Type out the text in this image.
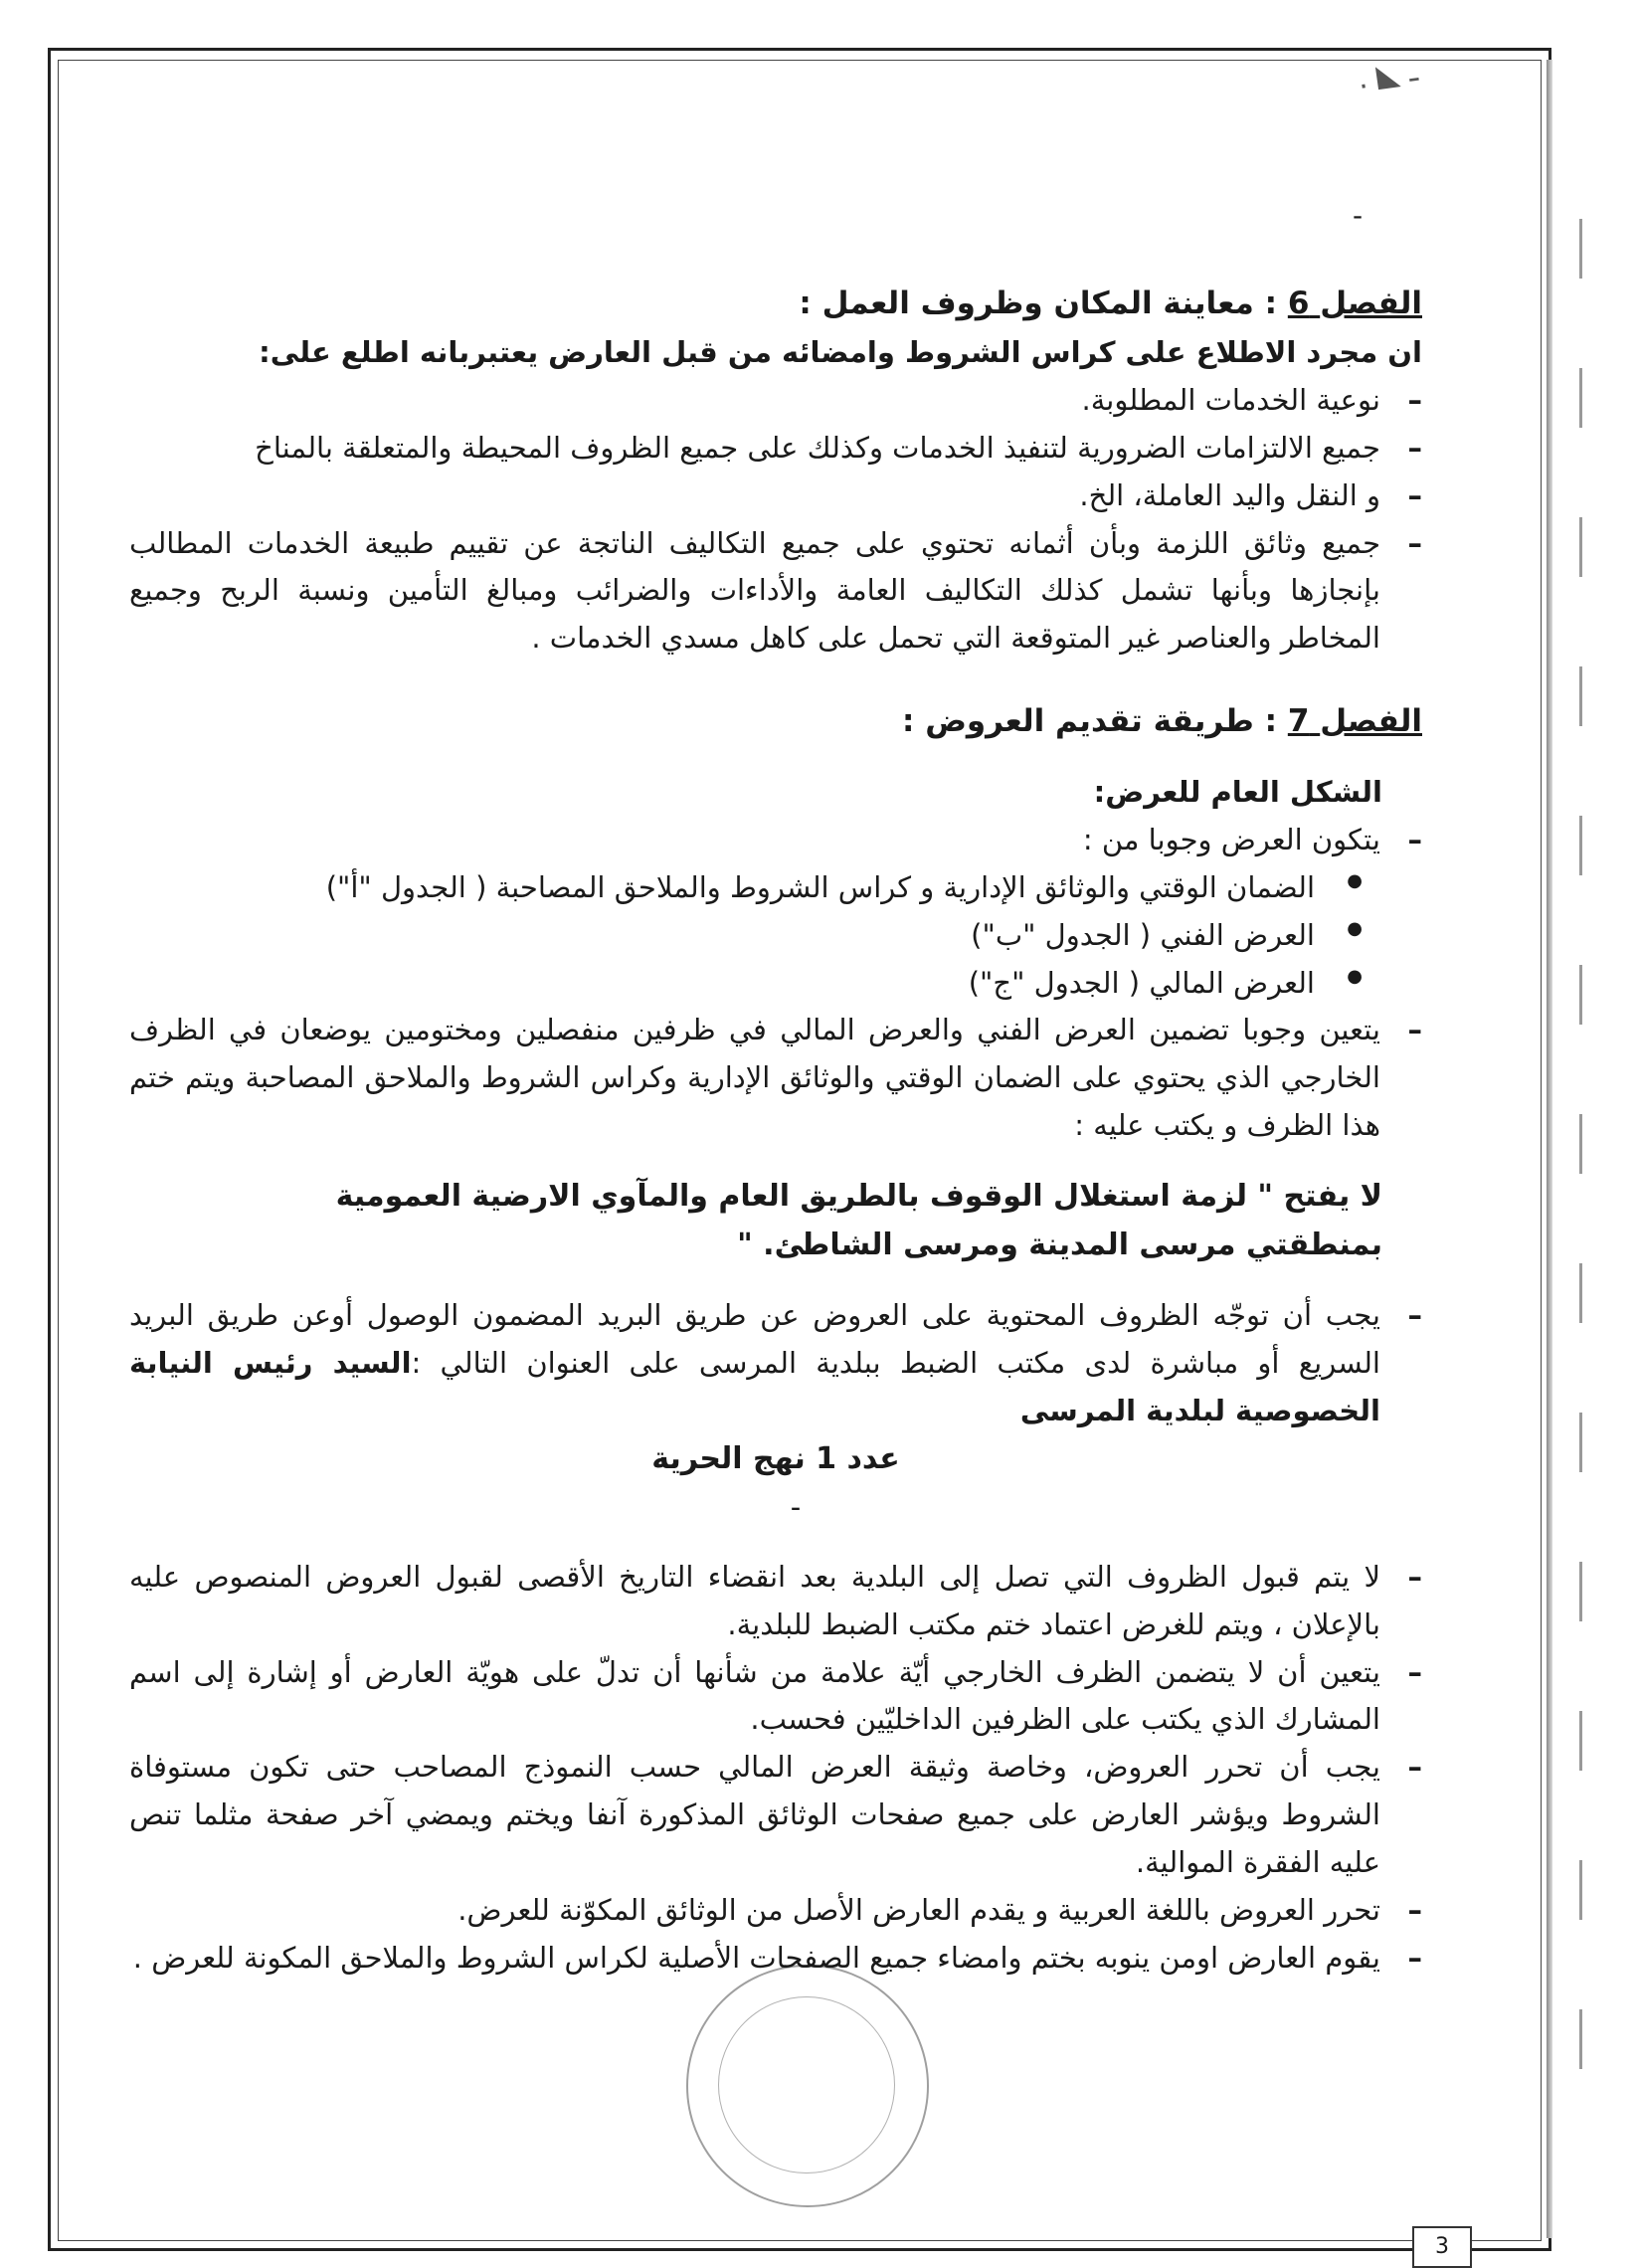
ـ ◣ .
-

الفصل 6 : معاينة المكان وظروف العمل :

ان مجرد الاطلاع على كراس الشروط وامضائه من قبل العارض يعتبربانه اطلع على:

– نوعية الخدمات المطلوبة.
– جميع الالتزامات الضرورية لتنفيذ الخدمات وكذلك على جميع الظروف المحيطة والمتعلقة بالمناخ
– و النقل واليد العاملة، الخ.
– جميع وثائق اللزمة وبأن أثمانه تحتوي على جميع التكاليف الناتجة عن تقييم طبيعة الخدمات المطالب بإنجازها وبأنها تشمل كذلك التكاليف العامة والأداءات والضرائب ومبالغ التأمين ونسبة الربح وجميع المخاطر والعناصر غير المتوقعة التي تحمل على كاهل مسدي الخدمات .

الفصل 7 : طريقة تقديم العروض :

الشكل العام للعرض:

– يتكون العرض وجوبا من :
● الضمان الوقتي والوثائق الإدارية و كراس الشروط والملاحق المصاحبة ( الجدول "أ")
● العرض الفني ( الجدول "ب")
● العرض المالي ( الجدول "ج")
– يتعين وجوبا تضمين العرض الفني والعرض المالي في ظرفين منفصلين ومختومين يوضعان في الظرف الخارجي الذي يحتوي على الضمان الوقتي والوثائق الإدارية وكراس الشروط والملاحق المصاحبة ويتم ختم هذا الظرف و يكتب عليه :

لا يفتح " لزمة استغلال الوقوف بالطريق العام والمآوي الارضية العمومية بمنطقتي مرسى المدينة ومرسى الشاطئ. "

– يجب أن توجّه الظروف المحتوية على العروض عن طريق البريد المضمون الوصول أوعن طريق البريد السريع أو مباشرة لدى مكتب الضبط ببلدية المرسى على العنوان التالي :السيد رئيس النيابة الخصوصية لبلدية المرسى

عدد 1 نهج الحرية

-

– لا يتم قبول الظروف التي تصل إلى البلدية بعد انقضاء التاريخ الأقصى لقبول العروض المنصوص عليه بالإعلان ، ويتم للغرض اعتماد ختم مكتب الضبط للبلدية.
– يتعين أن لا يتضمن الظرف الخارجي أيّة علامة من شأنها أن تدلّ على هويّة العارض أو إشارة إلى اسم المشارك الذي يكتب على الظرفين الداخليّين فحسب.
– يجب أن تحرر العروض، وخاصة وثيقة العرض المالي حسب النموذج المصاحب حتى تكون مستوفاة الشروط ويؤشر العارض على جميع صفحات الوثائق المذكورة آنفا ويختم ويمضي آخر صفحة مثلما تنص عليه الفقرة الموالية.
– تحرر العروض باللغة العربية و يقدم العارض الأصل من الوثائق المكوّنة للعرض.
– يقوم العارض اومن ينوبه بختم وامضاء جميع الصفحات الأصلية لكراس الشروط والملاحق المكونة للعرض .
3
